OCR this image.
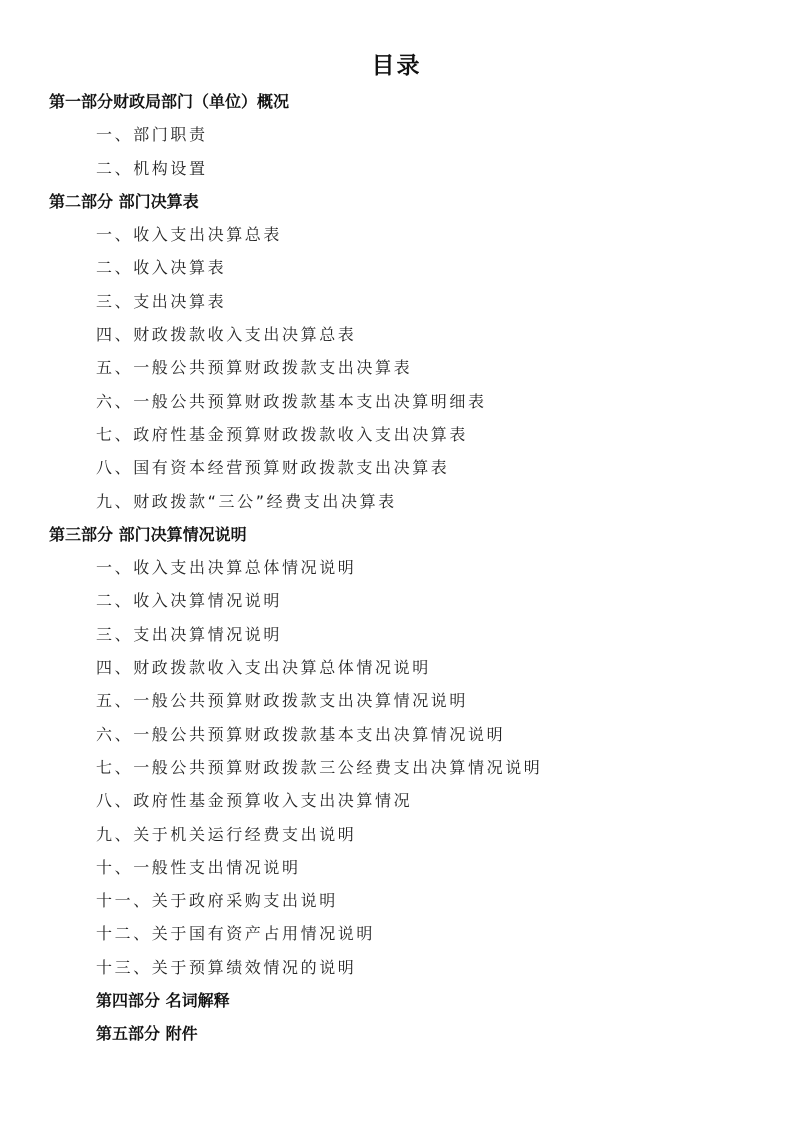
目录
第一部分财政局部门（单位）概况
一、部门职责
二、机构设置
第二部分 部门决算表
一、收入支出决算总表
二、收入决算表
三、支出决算表
四、财政拨款收入支出决算总表
五、一般公共预算财政拨款支出决算表
六、一般公共预算财政拨款基本支出决算明细表
七、政府性基金预算财政拨款收入支出决算表
八、国有资本经营预算财政拨款支出决算表
九、财政拨款“三公”经费支出决算表
第三部分 部门决算情况说明
一、收入支出决算总体情况说明
二、收入决算情况说明
三、支出决算情况说明
四、财政拨款收入支出决算总体情况说明
五、一般公共预算财政拨款支出决算情况说明
六、一般公共预算财政拨款基本支出决算情况说明
七、一般公共预算财政拨款三公经费支出决算情况说明
八、政府性基金预算收入支出决算情况
九、关于机关运行经费支出说明
十、一般性支出情况说明
十一、关于政府采购支出说明
十二、关于国有资产占用情况说明
十三、关于预算绩效情况的说明
第四部分 名词解释
第五部分 附件
